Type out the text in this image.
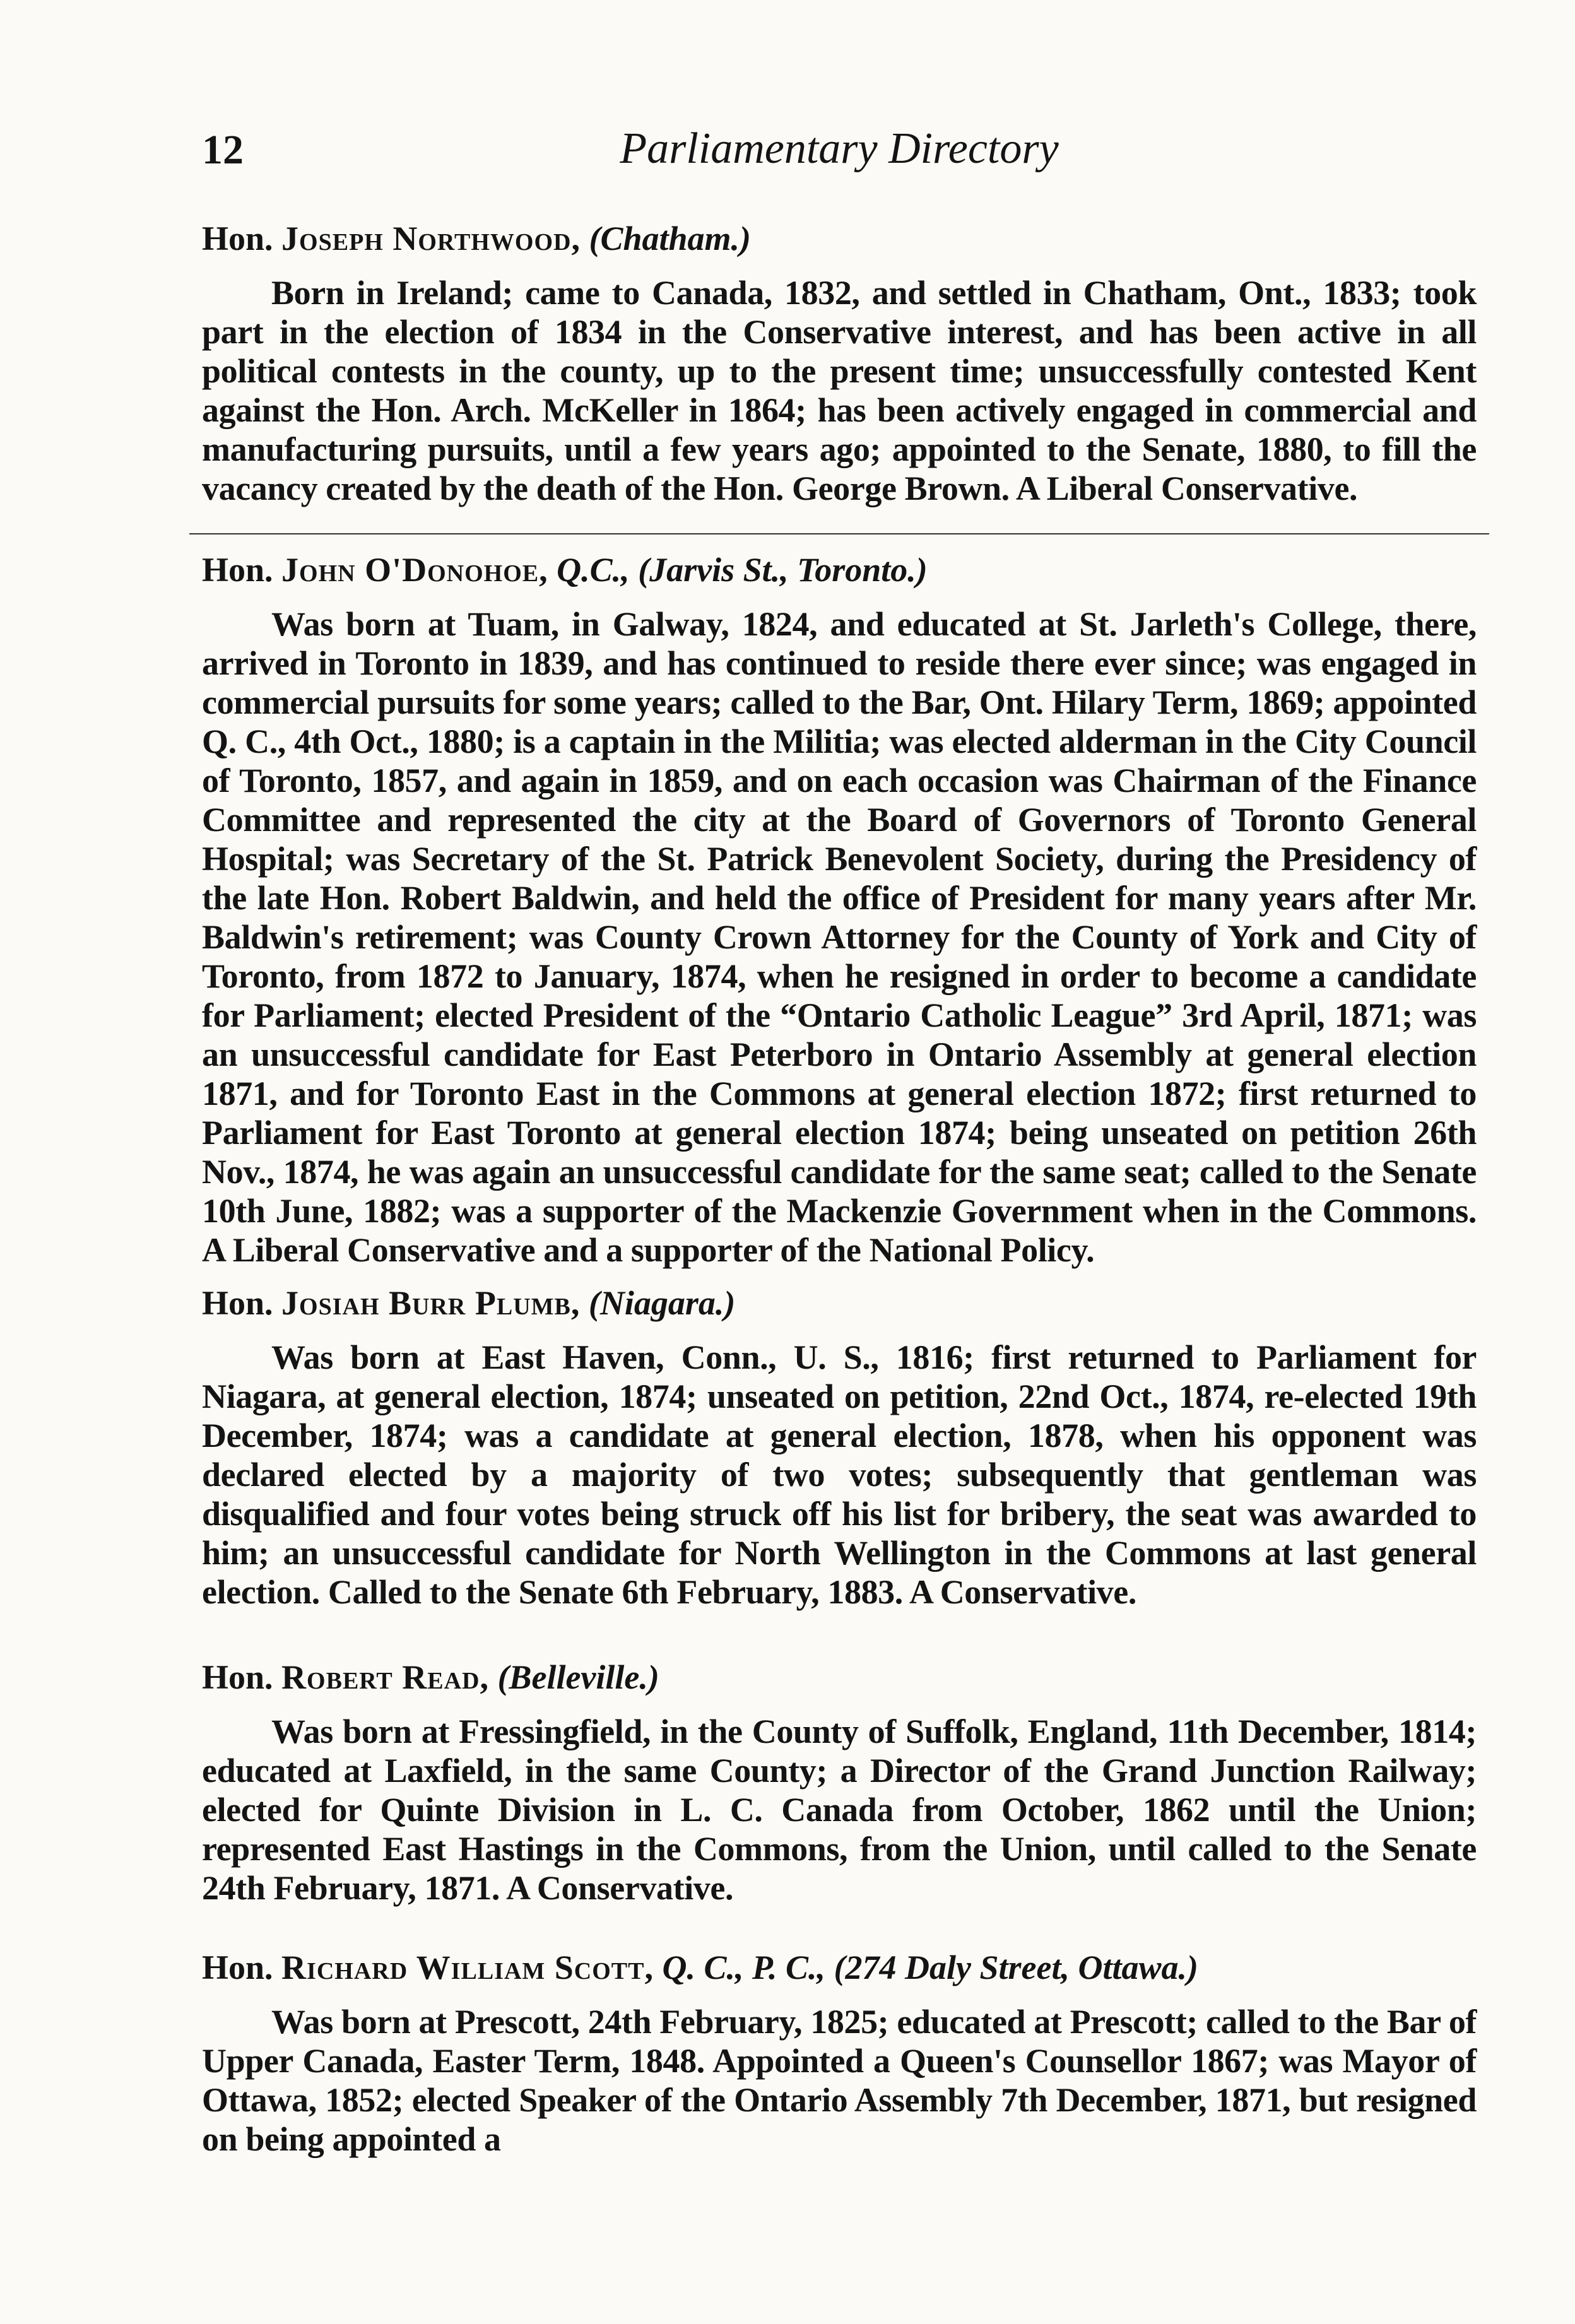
12	Parliamentary Directory
Hon. Joseph Northwood, (Chatham.)

Born in Ireland; came to Canada, 1832, and settled in Chatham, Ont., 1833; took part in the election of 1834 in the Conservative interest, and has been active in all political contests in the county, up to the present time; unsuccessfully contested Kent against the Hon. Arch. McKeller in 1864; has been actively engaged in commercial and manufacturing pursuits, until a few years ago; appointed to the Senate, 1880, to fill the vacancy created by the death of the Hon. George Brown. A Liberal Conservative.

Hon. John O'Donohoe, Q.C., (Jarvis St., Toronto.)

Was born at Tuam, in Galway, 1824, and educated at St. Jarleth's College, there, arrived in Toronto in 1839, and has continued to reside there ever since; was engaged in commercial pursuits for some years; called to the Bar, Ont. Hilary Term, 1869; appointed Q. C., 4th Oct., 1880; is a captain in the Militia; was elected alderman in the City Council of Toronto, 1857, and again in 1859, and on each occasion was Chairman of the Finance Committee and represented the city at the Board of Governors of Toronto General Hospital; was Secretary of the St. Patrick Benevolent Society, during the Presidency of the late Hon. Robert Baldwin, and held the office of President for many years after Mr. Baldwin's retirement; was County Crown Attorney for the County of York and City of Toronto, from 1872 to January, 1874, when he resigned in order to become a candidate for Parliament; elected President of the “Ontario Catholic League” 3rd April, 1871; was an unsuccessful candidate for East Peterboro in Ontario Assembly at general election 1871, and for Toronto East in the Commons at general election 1872; first returned to Parliament for East Toronto at general election 1874; being unseated on petition 26th Nov., 1874, he was again an unsuccessful candidate for the same seat; called to the Senate 10th June, 1882; was a supporter of the Mackenzie Government when in the Commons. A Liberal Conservative and a supporter of the National Policy.

Hon. Josiah Burr Plumb, (Niagara.)

Was born at East Haven, Conn., U. S., 1816; first returned to Parliament for Niagara, at general election, 1874; unseated on petition, 22nd Oct., 1874, re-elected 19th December, 1874; was a candidate at general election, 1878, when his opponent was declared elected by a majority of two votes; subsequently that gentleman was disqualified and four votes being struck off his list for bribery, the seat was awarded to him; an unsuccessful candidate for North Wellington in the Commons at last general election. Called to the Senate 6th February, 1883. A Conservative.

Hon. Robert Read, (Belleville.)

Was born at Fressingfield, in the County of Suffolk, England, 11th December, 1814; educated at Laxfield, in the same County; a Director of the Grand Junction Railway; elected for Quinte Division in L. C. Canada from October, 1862 until the Union; represented East Hastings in the Commons, from the Union, until called to the Senate 24th February, 1871. A Conservative.

Hon. Richard William Scott, Q. C., P. C., (274 Daly Street, Ottawa.)

Was born at Prescott, 24th February, 1825; educated at Prescott; called to the Bar of Upper Canada, Easter Term, 1848. Appointed a Queen's Counsellor 1867; was Mayor of Ottawa, 1852; elected Speaker of the Ontario Assembly 7th December, 1871, but resigned on being appointed a
